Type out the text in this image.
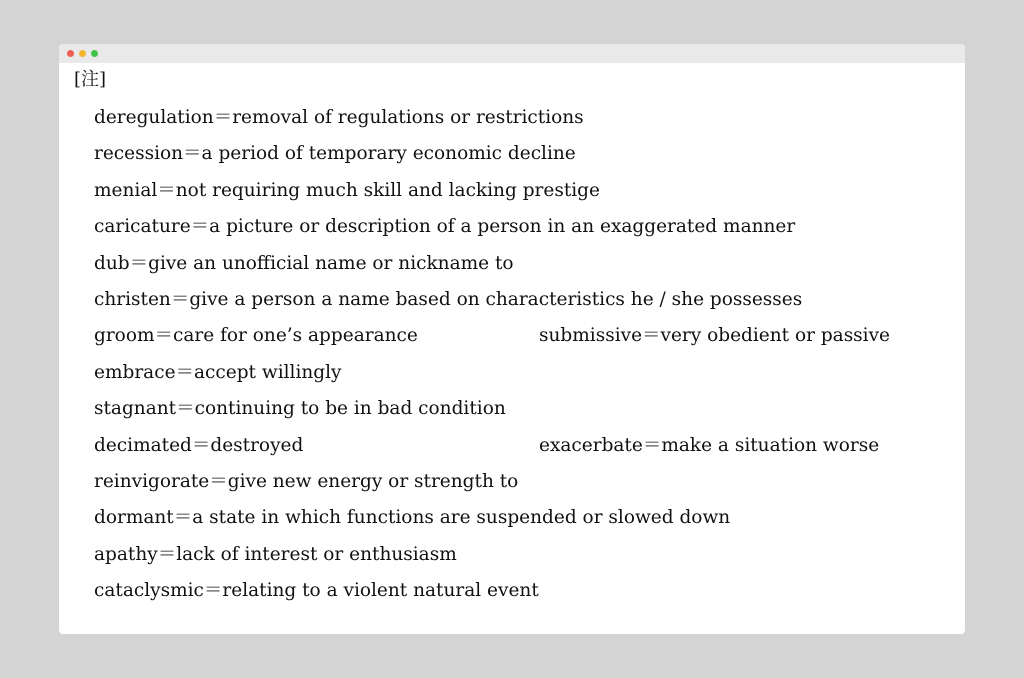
[注]
deregulation＝removal of regulations or restrictions
recession＝a period of temporary economic decline
menial＝not requiring much skill and lacking prestige
caricature＝a picture or description of a person in an exaggerated manner
dub＝give an unofficial name or nickname to
christen＝give a person a name based on characteristics he / she possesses
groom＝care for one’s appearance	submissive＝very obedient or passive
embrace＝accept willingly
stagnant＝continuing to be in bad condition
decimated＝destroyed	exacerbate＝make a situation worse
reinvigorate＝give new energy or strength to
dormant＝a state in which functions are suspended or slowed down
apathy＝lack of interest or enthusiasm
cataclysmic＝relating to a violent natural event
